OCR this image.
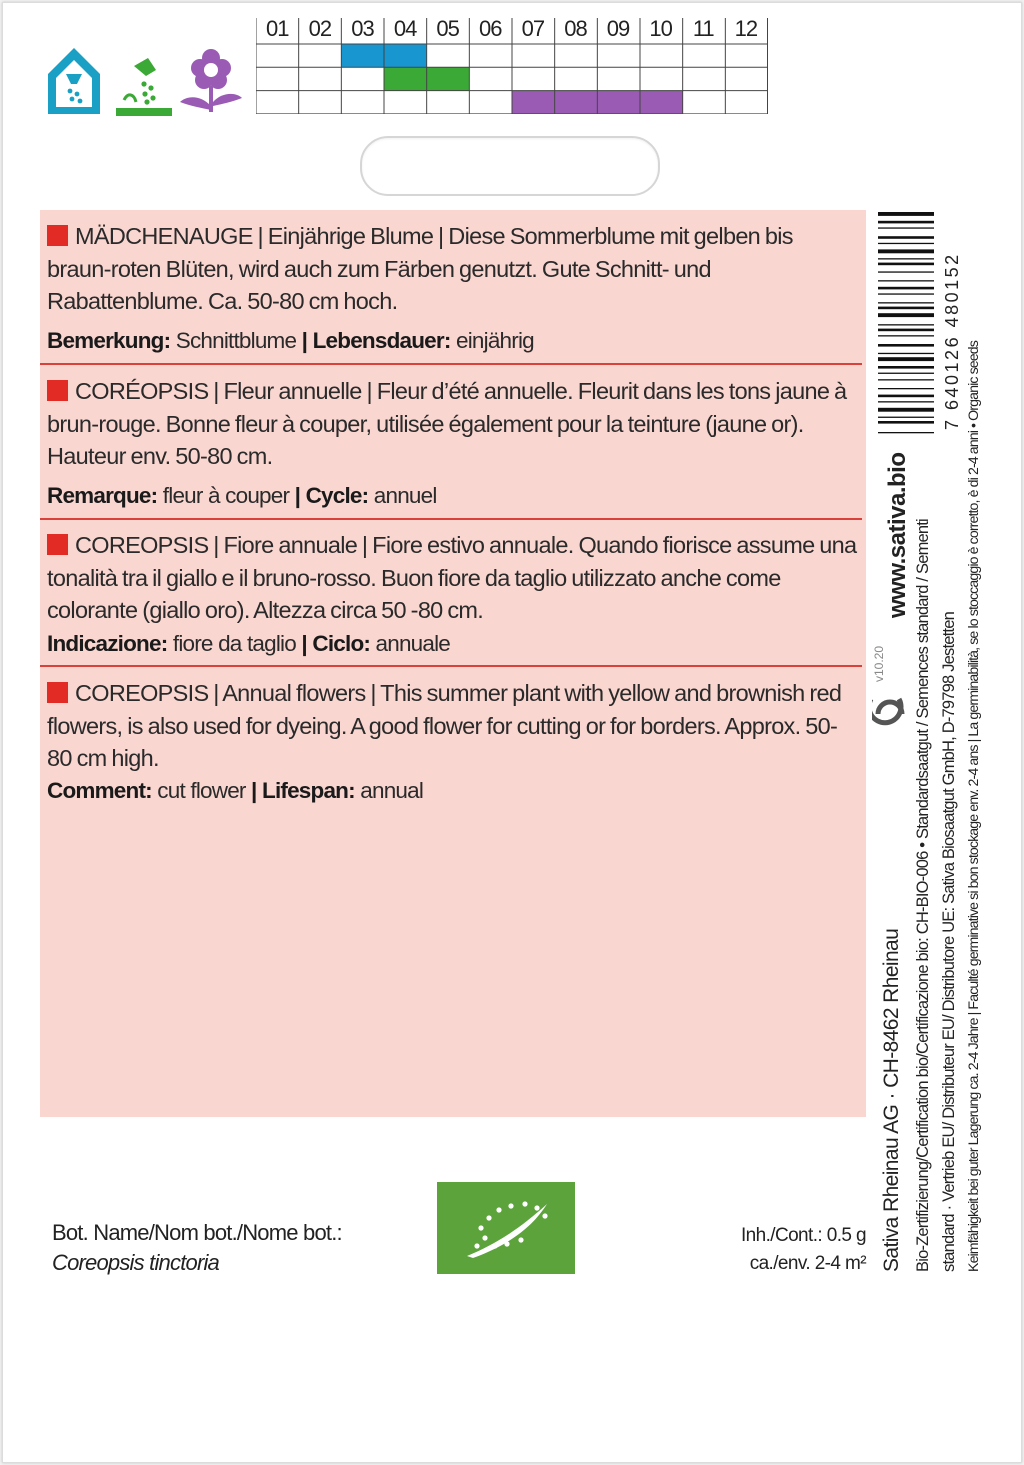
01 02 03 04 05 06 07 08 09 10 11 12

MÄDCHENAUGE | Einjährige Blume | Diese Sommerblume mit gelben bis braun-roten Blüten, wird auch zum Färben genutzt. Gute Schnitt- und Rabattenblume. Ca. 50-80 cm hoch.

Bemerkung: Schnittblume | Lebensdauer: einjährig

CORÉOPSIS | Fleur annuelle | Fleur d’été annuelle. Fleurit dans les tons jaune à brun-rouge. Bonne fleur à couper, utilisée également pour la teinture (jaune or). Hauteur env. 50-80 cm.

Remarque: fleur à couper | Cycle: annuel

COREOPSIS | Fiore annuale | Fiore estivo annuale. Quando fiorisce assume una tonalità tra il giallo e il bruno-rosso. Buon fiore da taglio utilizzato anche come colorante (giallo oro). Altezza circa 50 -80 cm.

Indicazione: fiore da taglio | Ciclo: annuale

COREOPSIS | Annual flowers | This summer plant with yellow and brownish red flowers, is also used for dyeing. A good flower for cutting or for borders. Approx. 50-80 cm high.

Comment: cut flower | Lifespan: annual

Bot. Name/Nom bot./Nome bot.:
Coreopsis tinctoria
Inh./Cont.: 0.5 g
ca./env. 2-4 m²
7 640126 480152
www.sativa.bio
v10.20
Sativa Rheinau AG · CH-8462 Rheinau Bio-Zertifizierung/Certification bio/Certificazione bio: CH-BIO-006 • Standardsaatgut / Semences standard / Sementi standard · Vertrieb EU/ Distributeur EU/ Distributore UE: Sativa Biosaatgut GmbH, D-79798 Jestetten Keimfähigkeit bei guter Lagerung ca. 2-4 Jahre | Faculté germinative si bon stockage env. 2-4 ans | La germinabilità, se lo stoccaggio è corretto, è di 2-4 anni • Organic seeds
